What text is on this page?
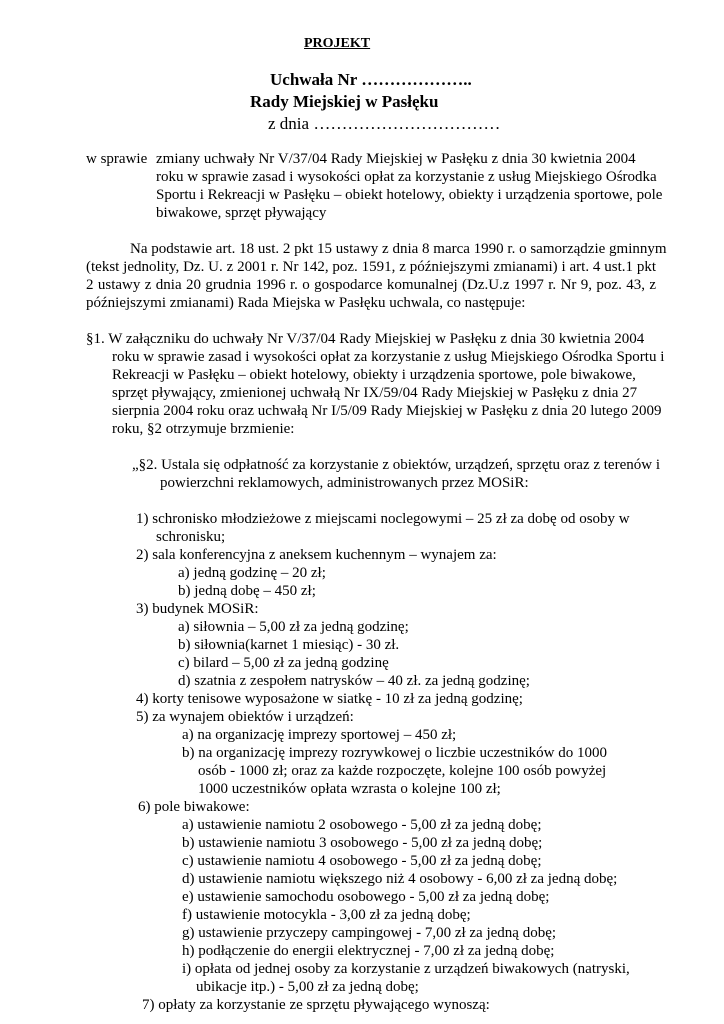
PROJEKT
Uchwała Nr ………………..
Rady Miejskiej w Pasłęku
z dnia ……………………………
w sprawie zmiany uchwały Nr V/37/04 Rady Miejskiej w Pasłęku z dnia 30 kwietnia 2004
roku w sprawie zasad i wysokości opłat za korzystanie z usług Miejskiego Ośrodka
Sportu i Rekreacji w Pasłęku – obiekt hotelowy, obiekty i urządzenia sportowe, pole
biwakowe, sprzęt pływający
Na podstawie art. 18 ust. 2 pkt 15 ustawy z dnia 8 marca 1990 r. o samorządzie gminnym
(tekst jednolity, Dz. U. z 2001 r. Nr 142, poz. 1591, z późniejszymi zmianami) i art. 4 ust.1 pkt
2 ustawy z dnia 20 grudnia 1996 r. o gospodarce komunalnej (Dz.U.z 1997 r. Nr 9, poz. 43, z
późniejszymi zmianami) Rada Miejska w Pasłęku uchwala, co następuje:
§1. W załączniku do uchwały Nr V/37/04 Rady Miejskiej w Pasłęku z dnia 30 kwietnia 2004
roku w sprawie zasad i wysokości opłat za korzystanie z usług Miejskiego Ośrodka Sportu i
Rekreacji w Pasłęku – obiekt hotelowy, obiekty i urządzenia sportowe, pole biwakowe,
sprzęt pływający, zmienionej uchwałą Nr IX/59/04 Rady Miejskiej w Pasłęku z dnia 27
sierpnia 2004 roku oraz uchwałą Nr I/5/09 Rady Miejskiej w Pasłęku z dnia 20 lutego 2009
roku, §2 otrzymuje brzmienie:
„§2. Ustala się odpłatność za korzystanie z obiektów, urządzeń, sprzętu oraz z terenów i
powierzchni reklamowych, administrowanych przez MOSiR:
1) schronisko młodzieżowe z miejscami noclegowymi – 25 zł za dobę od osoby w
schronisku;
2) sala konferencyjna z aneksem kuchennym – wynajem za:
a) jedną godzinę – 20 zł;
b) jedną dobę – 450 zł;
3) budynek MOSiR:
a) siłownia – 5,00 zł za jedną godzinę;
b) siłownia(karnet 1 miesiąc) - 30 zł.
c) bilard – 5,00 zł za jedną godzinę
d) szatnia z zespołem natrysków – 40 zł. za jedną godzinę;
4) korty tenisowe wyposażone w siatkę - 10 zł za jedną godzinę;
5) za wynajem obiektów i urządzeń:
a) na organizację imprezy sportowej – 450 zł;
b) na organizację imprezy rozrywkowej o liczbie uczestników do 1000
osób - 1000 zł; oraz za każde rozpoczęte, kolejne 100 osób powyżej
1000 uczestników opłata wzrasta o kolejne 100 zł;
6) pole biwakowe:
a) ustawienie namiotu 2 osobowego - 5,00 zł za jedną dobę;
b) ustawienie namiotu 3 osobowego - 5,00 zł za jedną dobę;
c) ustawienie namiotu 4 osobowego - 5,00 zł za jedną dobę;
d) ustawienie namiotu większego niż 4 osobowy - 6,00 zł za jedną dobę;
e) ustawienie samochodu osobowego - 5,00 zł za jedną dobę;
f) ustawienie motocykla - 3,00 zł za jedną dobę;
g) ustawienie przyczepy campingowej - 7,00 zł za jedną dobę;
h) podłączenie do energii elektrycznej - 7,00 zł za jedną dobę;
i) opłata od jednej osoby za korzystanie z urządzeń biwakowych (natryski,
ubikacje itp.) - 5,00 zł za jedną dobę;
7) opłaty za korzystanie ze sprzętu pływającego wynoszą:
